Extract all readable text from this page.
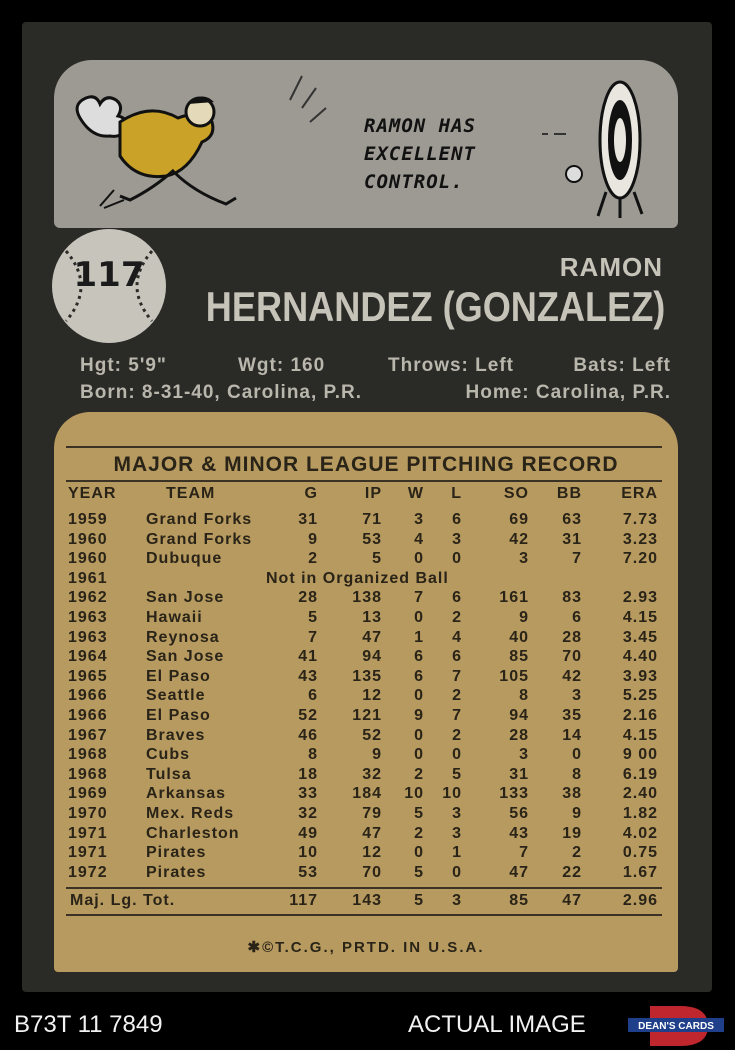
RAMON HAS
EXCELLENT
CONTROL.
117	RAMON
HERNANDEZ (GONZALEZ)
Hgt: 5'9"	Wgt: 160	Throws: Left	Bats: Left
Born: 8-31-40, Carolina, P.R.	Home: Carolina, P.R.
MAJOR & MINOR LEAGUE PITCHING RECORD
YEAR	TEAM	G	IP W L	SO BB ERA
1959 Grand Forks	31	71 3 6	69 63	7.73
1960 Grand Forks	9	53 4 3	42 31	3.23
1960 Dubuque	2	5 0 0	3	7	7.20
1961	Not in Organized Ball
1962 San Jose	28 138 7 6 161 83	2.93
1963 Hawaii	5	13 0 2	9	6	4.15
1963 Reynosa	7	47 1 4	40 28	3.45
1964 San Jose	41	94 6 6	85 70	4.40
1965 El Paso	43 135 6 7 105 42	3.93
1966 Seattle	6	12 0 2	8	3	5.25
1966 El Paso	52 121 9 7	94 35	2.16
1967 Braves	46	52 0 2	28 14	4.15
1968 Cubs	8	9 0 0	3	0	9 00
1968 Tulsa	18	32 2 5	31	8	6.19
1969 Arkansas	33 184 10 10 133 38	2.40
1970 Mex. Reds	32	79 5 3	56	9	1.82
1971 Charleston	49	47 2 3	43 19	4.02
1971 Pirates	10	12 0 1	7	2	0.75
1972 Pirates	53	70 5 0	47 22	1.67
Maj. Lg. Tot.	117 143 5 3	85 47	2.96
✱©T.C.G., PRTD. IN U.S.A.
B73T 11 7849	ACTUAL IMAGE	DEAN'S CARDS
